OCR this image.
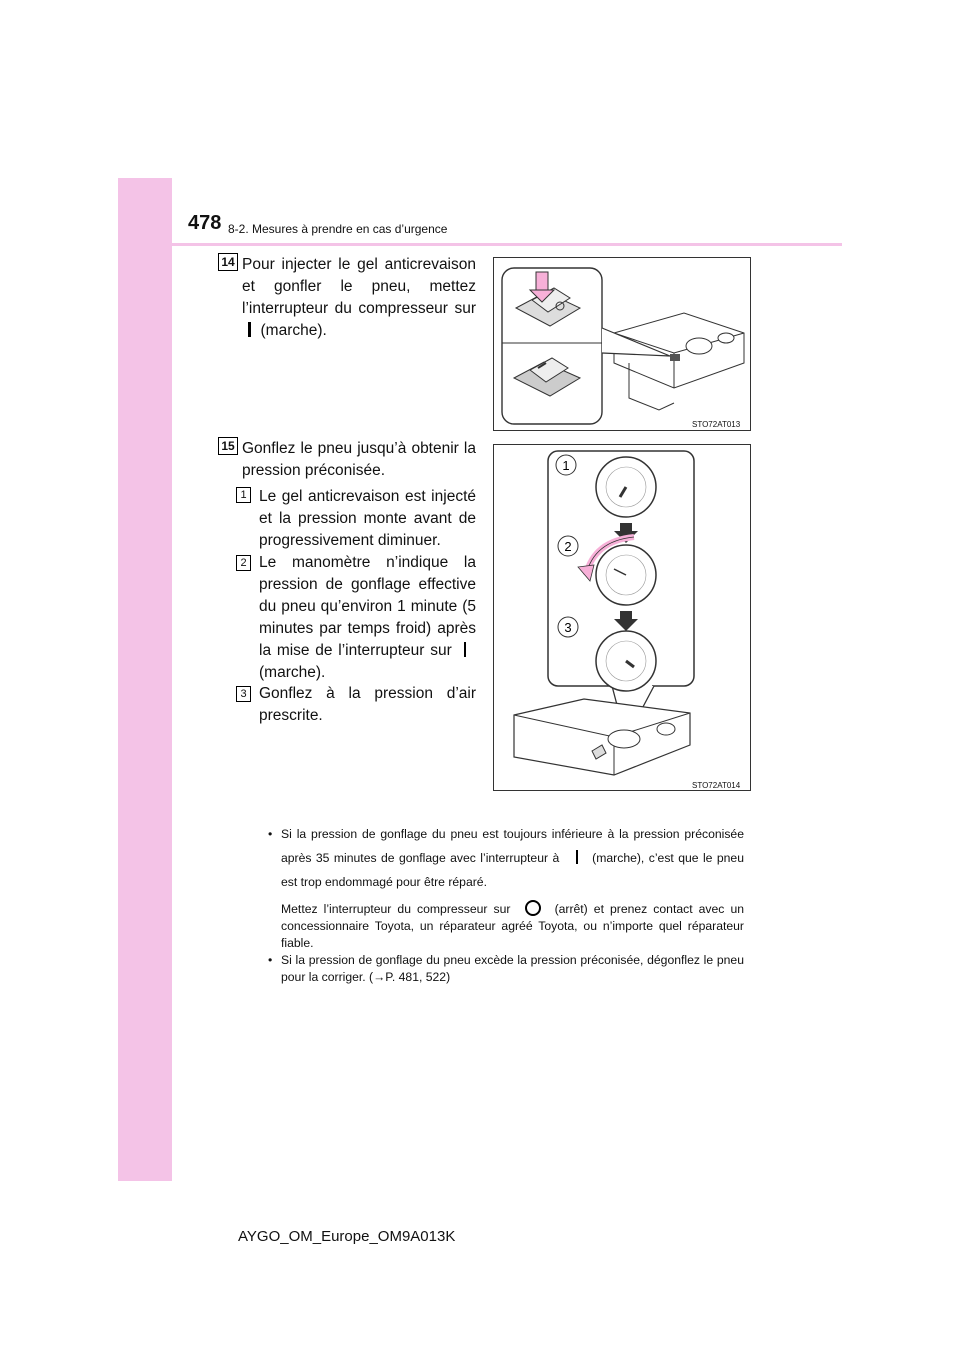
478 8-2. Mesures à prendre en cas d’urgence
14 Pour injecter le gel anticrevaison et gonfler le pneu, mettez l’interrupteur du compresseur sur (marche).
STO72AT013
15 Gonflez le pneu jusqu’à obtenir la pression préconisée.
1 Le gel anticrevaison est injecté et la pression monte avant de progressivement diminuer.
2 Le manomètre n’indique la pression de gonflage effective du pneu qu’environ 1 minute (5 minutes par temps froid) après la mise de l’interrupteur sur (marche).
3 Gonflez à la pression d’air prescrite.
1
2
3
STO72AT014
• Si la pression de gonflage du pneu est toujours inférieure à la pression préconisée après 35 minutes de gonflage avec l’interrupteur à	(marche), c’est que le pneu est trop endommagé pour être réparé.
Mettez l’interrupteur du compresseur sur	(arrêt) et prenez contact avec un concessionnaire Toyota, un réparateur agréé Toyota, ou n’importe quel réparateur fiable.
• Si la pression de gonflage du pneu excède la pression préconisée, dégonflez le pneu pour la corriger. (→P. 481, 522)
AYGO_OM_Europe_OM9A013K
